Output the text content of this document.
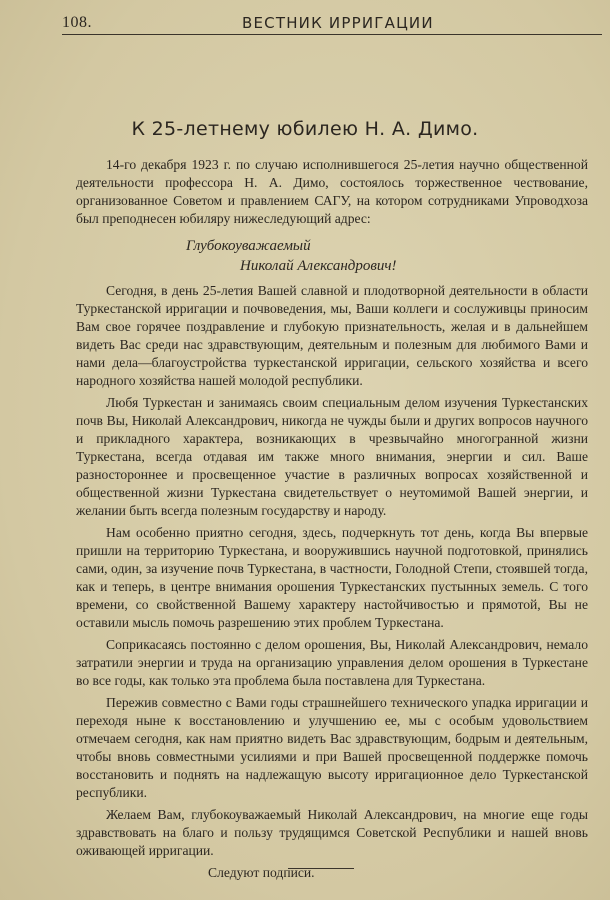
108.	ВЕСТНИК ИРРИГАЦИИ
К 25-летнему юбилею Н. А. Димо.

14-го декабря 1923 г. по случаю исполнившегося 25-летия научно общественной деятельности профессора Н. А. Димо, состоялось торжественное чествование, организованное Советом и правлением САГУ, на котором сотрудниками Упроводхоза был преподнесен юбиляру нижеследующий адрес:

Глубокоуважаемый
Николай Александрович!

Сегодня, в день 25-летия Вашей славной и плодотворной деятельности в области Туркестанской ирригации и почвоведения, мы, Ваши коллеги и сослуживцы приносим Вам свое горячее поздравление и глубокую признательность, желая и в дальнейшем видеть Вас среди нас здравствующим, деятельным и полезным для любимого Вами и нами дела—благоустройства туркестанской ирригации, сельского хозяйства и всего народного хозяйства нашей молодой республики.

Любя Туркестан и занимаясь своим специальным делом изучения Туркестанских почв Вы, Николай Александрович, никогда не чужды были и других вопросов научного и прикладного характера, возникающих в чрезвычайно многогранной жизни Туркестана, всегда отдавая им также много внимания, энергии и сил. Ваше разностороннее и просвещенное участие в различных вопросах хозяйственной и общественной жизни Туркестана свидетельствует о неутомимой Вашей энергии, и желании быть всегда полезным государству и народу.

Нам особенно приятно сегодня, здесь, подчеркнуть тот день, когда Вы впервые пришли на территорию Туркестана, и вооружившись научной подготовкой, принялись сами, один, за изучение почв Туркестана, в частности, Голодной Степи, стоявшей тогда, как и теперь, в центре внимания орошения Туркестанских пустынных земель. С того времени, со свойственной Вашему характеру настойчивостью и прямотой, Вы не оставили мысль помочь разрешению этих проблем Туркестана.

Соприкасаясь постоянно с делом орошения, Вы, Николай Александрович, немало затратили энергии и труда на организацию управления делом орошения в Туркестане во все годы, как только эта проблема была поставлена для Туркестана.

Пережив совместно с Вами годы страшнейшего технического упадка ирригации и переходя ныне к восстановлению и улучшению ее, мы с особым удовольствием отмечаем сегодня, как нам приятно видеть Вас здравствующим, бодрым и деятельным, чтобы вновь совместными усилиями и при Вашей просвещенной поддержке помочь восстановить и поднять на надлежащую высоту ирригационное дело Туркестанской республики.

Желаем Вам, глубокоуважаемый Николай Александрович, на многие еще годы здравствовать на благо и пользу трудящимся Советской Республики и нашей вновь оживающей ирригации.

Следуют подписи.
